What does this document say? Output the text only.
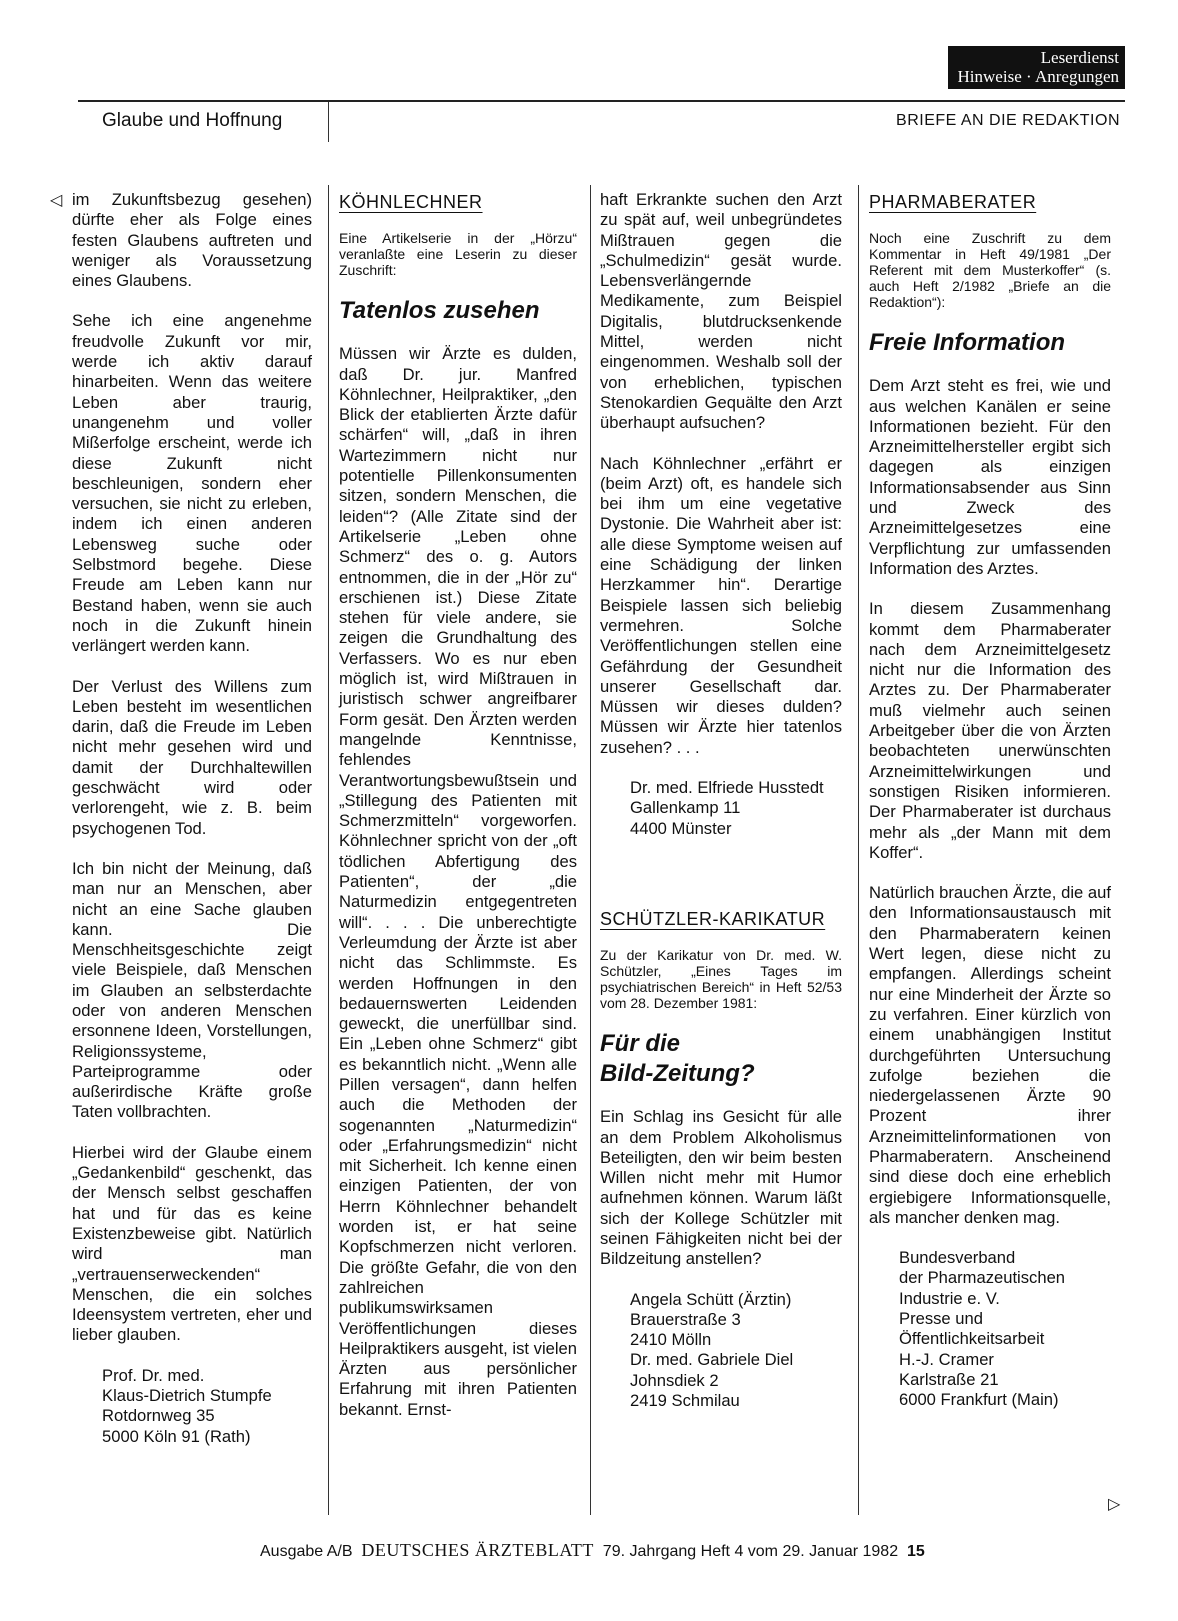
Leserdienst
Hinweise · Anregungen
Glaube und Hoffnung	BRIEFE AN DIE REDAKTION
◁ im Zukunftsbezug gesehen) dürfte eher als Folge eines festen Glaubens auftreten und weniger als Voraussetzung eines Glaubens.

Sehe ich eine angenehme freudvolle Zukunft vor mir, werde ich aktiv darauf hinarbeiten. Wenn das weitere Leben aber traurig, unangenehm und voller Mißerfolge erscheint, werde ich diese Zukunft nicht beschleunigen, sondern eher versuchen, sie nicht zu erleben, indem ich einen anderen Lebensweg suche oder Selbstmord begehe. Diese Freude am Leben kann nur Bestand haben, wenn sie auch noch in die Zukunft hinein verlängert werden kann.

Der Verlust des Willens zum Leben besteht im wesentlichen darin, daß die Freude im Leben nicht mehr gesehen wird und damit der Durchhaltewillen geschwächt wird oder verlorengeht, wie z. B. beim psychogenen Tod.

Ich bin nicht der Meinung, daß man nur an Menschen, aber nicht an eine Sache glauben kann. Die Menschheitsgeschichte zeigt viele Beispiele, daß Menschen im Glauben an selbsterdachte oder von anderen Menschen ersonnene Ideen, Vorstellungen, Religionssysteme, Parteiprogramme oder außerirdische Kräfte große Taten vollbrachten.

Hierbei wird der Glaube einem „Gedankenbild“ geschenkt, das der Mensch selbst geschaffen hat und für das es keine Existenzbeweise gibt. Natürlich wird man „vertrauenserweckenden“ Menschen, die ein solches Ideensystem vertreten, eher und lieber glauben.

Prof. Dr. med.
Klaus-Dietrich Stumpfe
Rotdornweg 35
5000 Köln 91 (Rath)

KÖHNLECHNER
Eine Artikelserie in der „Hörzu“ veranlaßte eine Leserin zu dieser Zuschrift:
Tatenlos zusehen

Müssen wir Ärzte es dulden, daß Dr. jur. Manfred Köhnlechner, Heilpraktiker, „den Blick der etablierten Ärzte dafür schärfen“ will, „daß in ihren Wartezimmern nicht nur potentielle Pillenkonsumenten sitzen, sondern Menschen, die leiden“? (Alle Zitate sind der Artikelserie „Leben ohne Schmerz“ des o. g. Autors entnommen, die in der „Hör zu“ erschienen ist.) Diese Zitate stehen für viele andere, sie zeigen die Grundhaltung des Verfassers. Wo es nur eben möglich ist, wird Mißtrauen in juristisch schwer angreifbarer Form gesät. Den Ärzten werden mangelnde Kenntnisse, fehlendes Verantwortungsbewußtsein und „Stillegung des Patienten mit Schmerzmitteln“ vorgeworfen. Köhnlechner spricht von der „oft tödlichen Abfertigung des Patienten“, der „die Naturmedizin entgegentreten will“. . . . Die unberechtigte Verleumdung der Ärzte ist aber nicht das Schlimmste. Es werden Hoffnungen in den bedauernswerten Leidenden geweckt, die unerfüllbar sind. Ein „Leben ohne Schmerz“ gibt es bekanntlich nicht. „Wenn alle Pillen versagen“, dann helfen auch die Methoden der sogenannten „Naturmedizin“ oder „Erfahrungsmedizin“ nicht mit Sicherheit. Ich kenne einen einzigen Patienten, der von Herrn Köhnlechner behandelt worden ist, er hat seine Kopfschmerzen nicht verloren. Die größte Gefahr, die von den zahlreichen publikumswirksamen Veröffentlichungen dieses Heilpraktikers ausgeht, ist vielen Ärzten aus persönlicher Erfahrung mit ihren Patienten bekannt. Ernst-

haft Erkrankte suchen den Arzt zu spät auf, weil unbegründetes Mißtrauen gegen die „Schulmedizin“ gesät wurde. Lebensverlängernde Medikamente, zum Beispiel Digitalis, blutdrucksenkende Mittel, werden nicht eingenommen. Weshalb soll der von erheblichen, typischen Stenokardien Gequälte den Arzt überhaupt aufsuchen?

Nach Köhnlechner „erfährt er (beim Arzt) oft, es handele sich bei ihm um eine vegetative Dystonie. Die Wahrheit aber ist: alle diese Symptome weisen auf eine Schädigung der linken Herzkammer hin“. Derartige Beispiele lassen sich beliebig vermehren. Solche Veröffentlichungen stellen eine Gefährdung der Gesundheit unserer Gesellschaft dar. Müssen wir dieses dulden? Müssen wir Ärzte hier tatenlos zusehen? . . .

Dr. med. Elfriede Husstedt
Gallenkamp 11
4400 Münster

SCHÜTZLER-KARIKATUR
Zu der Karikatur von Dr. med. W. Schützler, „Eines Tages im psychiatrischen Bereich“ in Heft 52/53 vom 28. Dezember 1981:
Für die
Bild-Zeitung?

Ein Schlag ins Gesicht für alle an dem Problem Alkoholismus Beteiligten, den wir beim besten Willen nicht mehr mit Humor aufnehmen können. Warum läßt sich der Kollege Schützler mit seinen Fähigkeiten nicht bei der Bildzeitung anstellen?

Angela Schütt (Ärztin)
Brauerstraße 3
2410 Mölln
Dr. med. Gabriele Diel
Johnsdiek 2
2419 Schmilau

PHARMABERATER
Noch eine Zuschrift zu dem Kommentar in Heft 49/1981 „Der Referent mit dem Musterkoffer“ (s. auch Heft 2/1982 „Briefe an die Redaktion“):
Freie Information

Dem Arzt steht es frei, wie und aus welchen Kanälen er seine Informationen bezieht. Für den Arzneimittelhersteller ergibt sich dagegen als einzigen Informationsabsender aus Sinn und Zweck des Arzneimittelgesetzes eine Verpflichtung zur umfassenden Information des Arztes.

In diesem Zusammenhang kommt dem Pharmaberater nach dem Arzneimittelgesetz nicht nur die Information des Arztes zu. Der Pharmaberater muß vielmehr auch seinen Arbeitgeber über die von Ärzten beobachteten unerwünschten Arzneimittelwirkungen und sonstigen Risiken informieren. Der Pharmaberater ist durchaus mehr als „der Mann mit dem Koffer“.

Natürlich brauchen Ärzte, die auf den Informationsaustausch mit den Pharmaberatern keinen Wert legen, diese nicht zu empfangen. Allerdings scheint nur eine Minderheit der Ärzte so zu verfahren. Einer kürzlich von einem unabhängigen Institut durchgeführten Untersuchung zufolge beziehen die niedergelassenen Ärzte 90 Prozent ihrer Arzneimittelinformationen von Pharmaberatern. Anscheinend sind diese doch eine erheblich ergiebigere Informationsquelle, als mancher denken mag.

Bundesverband
der Pharmazeutischen
Industrie e. V.
Presse und Öffentlichkeitsarbeit
H.-J. Cramer
Karlstraße 21
6000 Frankfurt (Main)

▷
Ausgabe A/B DEUTSCHES ÄRZTEBLATT 79. Jahrgang Heft 4 vom 29. Januar 1982 15
